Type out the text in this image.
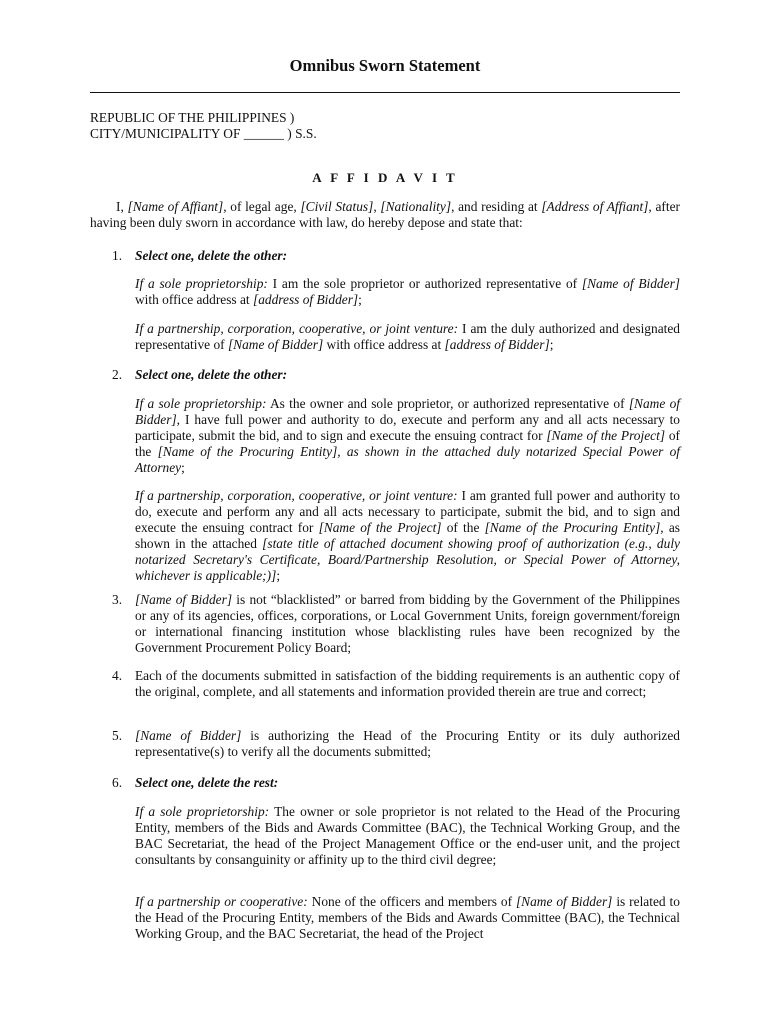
Omnibus Sworn Statement
REPUBLIC OF THE PHILIPPINES )
CITY/MUNICIPALITY OF ______ ) S.S.
A F F I D A V I T

I, [Name of Affiant], of legal age, [Civil Status], [Nationality], and residing at [Address of Affiant], after having been duly sworn in accordance with law, do hereby depose and state that:

1. Select one, delete the other:

If a sole proprietorship: I am the sole proprietor or authorized representative of [Name of Bidder] with office address at [address of Bidder];

If a partnership, corporation, cooperative, or joint venture: I am the duly authorized and designated representative of [Name of Bidder] with office address at [address of Bidder];

2. Select one, delete the other:

If a sole proprietorship: As the owner and sole proprietor, or authorized representative of [Name of Bidder], I have full power and authority to do, execute and perform any and all acts necessary to participate, submit the bid, and to sign and execute the ensuing contract for [Name of the Project] of the [Name of the Procuring Entity], as shown in the attached duly notarized Special Power of Attorney;

If a partnership, corporation, cooperative, or joint venture: I am granted full power and authority to do, execute and perform any and all acts necessary to participate, submit the bid, and to sign and execute the ensuing contract for [Name of the Project] of the [Name of the Procuring Entity], as shown in the attached [state title of attached document showing proof of authorization (e.g., duly notarized Secretary's Certificate, Board/Partnership Resolution, or Special Power of Attorney, whichever is applicable;)];

3. [Name of Bidder] is not “blacklisted” or barred from bidding by the Government of the Philippines or any of its agencies, offices, corporations, or Local Government Units, foreign government/foreign or international financing institution whose blacklisting rules have been recognized by the Government Procurement Policy Board;

4. Each of the documents submitted in satisfaction of the bidding requirements is an authentic copy of the original, complete, and all statements and information provided therein are true and correct;

5. [Name of Bidder] is authorizing the Head of the Procuring Entity or its duly authorized representative(s) to verify all the documents submitted;

6. Select one, delete the rest:

If a sole proprietorship: The owner or sole proprietor is not related to the Head of the Procuring Entity, members of the Bids and Awards Committee (BAC), the Technical Working Group, and the BAC Secretariat, the head of the Project Management Office or the end-user unit, and the project consultants by consanguinity or affinity up to the third civil degree;

If a partnership or cooperative: None of the officers and members of [Name of Bidder] is related to the Head of the Procuring Entity, members of the Bids and Awards Committee (BAC), the Technical Working Group, and the BAC Secretariat, the head of the Project
